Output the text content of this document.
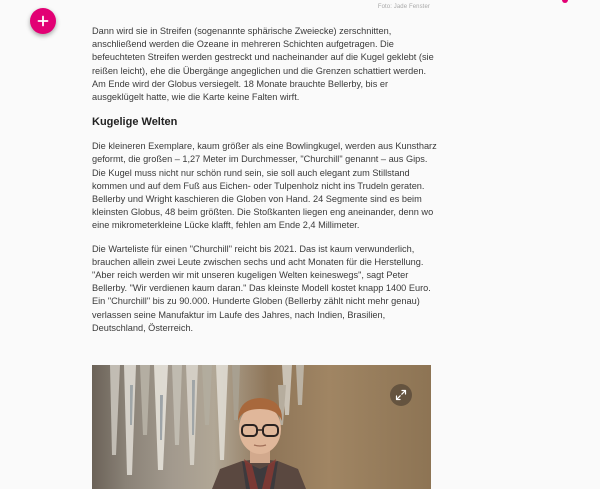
Foto: Jade Fenster

Dann wird sie in Streifen (sogenannte sphärische Zweiecke) zerschnitten, anschließend werden die Ozeane in mehreren Schichten aufgetragen. Die befeuchteten Streifen werden gestreckt und nacheinander auf die Kugel geklebt (sie reißen leicht), ehe die Übergänge angeglichen und die Grenzen schattiert werden. Am Ende wird der Globus versiegelt. 18 Monate brauchte Bellerby, bis er ausgeklügelt hatte, wie die Karte keine Falten wirft.

Kugelige Welten

Die kleineren Exemplare, kaum größer als eine Bowlingkugel, werden aus Kunstharz geformt, die großen – 1,27 Meter im Durchmesser, "Churchill" genannt – aus Gips. Die Kugel muss nicht nur schön rund sein, sie soll auch elegant zum Stillstand kommen und auf dem Fuß aus Eichen- oder Tulpenholz nicht ins Trudeln geraten. Bellerby und Wright kaschieren die Globen von Hand. 24 Segmente sind es beim kleinsten Globus, 48 beim größten. Die Stoßkanten liegen eng aneinander, denn wo eine mikrometerkleine Lücke klafft, fehlen am Ende 2,4 Millimeter.

Die Warteliste für einen "Churchill" reicht bis 2021. Das ist kaum verwunderlich, brauchen allein zwei Leute zwischen sechs und acht Monaten für die Herstellung. "Aber reich werden wir mit unseren kugeligen Welten keineswegs", sagt Peter Bellerby. "Wir verdienen kaum daran." Das kleinste Modell kostet knapp 1400 Euro. Ein "Churchill" bis zu 90.000. Hunderte Globen (Bellerby zählt nicht mehr genau) verlassen seine Manufaktur im Laufe des Jahres, nach Indien, Brasilien, Deutschland, Österreich.
